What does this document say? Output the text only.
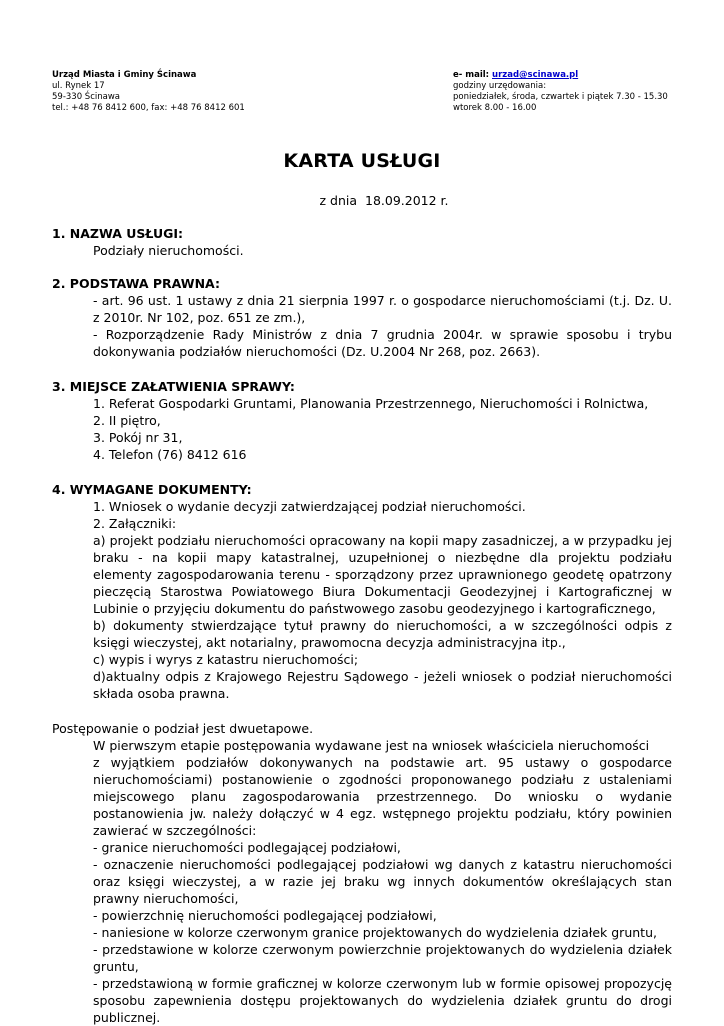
Urząd Miasta i Gminy Ścinawa
ul. Rynek 17
59-330 Ścinawa
tel.: +48 76 8412 600, fax: +48 76 8412 601
e- mail: urzad@scinawa.pl
godziny urzędowania:
poniedziałek, środa, czwartek i piątek 7.30 - 15.30
wtorek 8.00 - 16.00
KARTA USŁUGI
z dnia 18.09.2012 r.

1. NAZWA USŁUGI:

Podziały nieruchomości.

2. PODSTAWA PRAWNA:

- art. 96 ust. 1 ustawy z dnia 21 sierpnia 1997 r. o gospodarce nieruchomościami (t.j. Dz. U. z 2010r. Nr 102, poz. 651 ze zm.),

- Rozporządzenie Rady Ministrów z dnia 7 grudnia 2004r. w sprawie sposobu i trybu dokonywania podziałów nieruchomości (Dz. U.2004 Nr 268, poz. 2663).

3. MIEJSCE ZAŁATWIENIA SPRAWY:

1. Referat Gospodarki Gruntami, Planowania Przestrzennego, Nieruchomości i Rolnictwa,

2. II piętro,

3. Pokój nr 31,

4. Telefon (76) 8412 616

4. WYMAGANE DOKUMENTY:

1. Wniosek o wydanie decyzji zatwierdzającej podział nieruchomości.

2. Załączniki:

a) projekt podziału nieruchomości opracowany na kopii mapy zasadniczej, a w przypadku jej braku - na kopii mapy katastralnej, uzupełnionej o niezbędne dla projektu podziału elementy zagospodarowania terenu - sporządzony przez uprawnionego geodetę opatrzony pieczęcią Starostwa Powiatowego Biura Dokumentacji Geodezyjnej i Kartograficznej w Lubinie o przyjęciu dokumentu do państwowego zasobu geodezyjnego i kartograficznego,

b) dokumenty stwierdzające tytuł prawny do nieruchomości, a w szczególności odpis z księgi wieczystej, akt notarialny, prawomocna decyzja administracyjna itp.,

c) wypis i wyrys z katastru nieruchomości;

d)aktualny odpis z Krajowego Rejestru Sądowego - jeżeli wniosek o podział nieruchomości składa osoba prawna.

Postępowanie o podział jest dwuetapowe.

W pierwszym etapie postępowania wydawane jest na wniosek właściciela nieruchomości

z wyjątkiem podziałów dokonywanych na podstawie art. 95 ustawy o gospodarce nieruchomościami) postanowienie o zgodności proponowanego podziału z ustaleniami miejscowego planu zagospodarowania przestrzennego. Do wniosku o wydanie postanowienia jw. należy dołączyć w 4 egz. wstępnego projektu podziału, który powinien zawierać w szczególności:

- granice nieruchomości podlegającej podziałowi,

- oznaczenie nieruchomości podlegającej podziałowi wg danych z katastru nieruchomości oraz księgi wieczystej, a w razie jej braku wg innych dokumentów określających stan prawny nieruchomości,

- powierzchnię nieruchomości podlegającej podziałowi,

- naniesione w kolorze czerwonym granice projektowanych do wydzielenia działek gruntu,

- przedstawione w kolorze czerwonym powierzchnie projektowanych do wydzielenia działek gruntu,

- przedstawioną w formie graficznej w kolorze czerwonym lub w formie opisowej propozycję sposobu zapewnienia dostępu projektowanych do wydzielenia działek gruntu do drogi publicznej.
